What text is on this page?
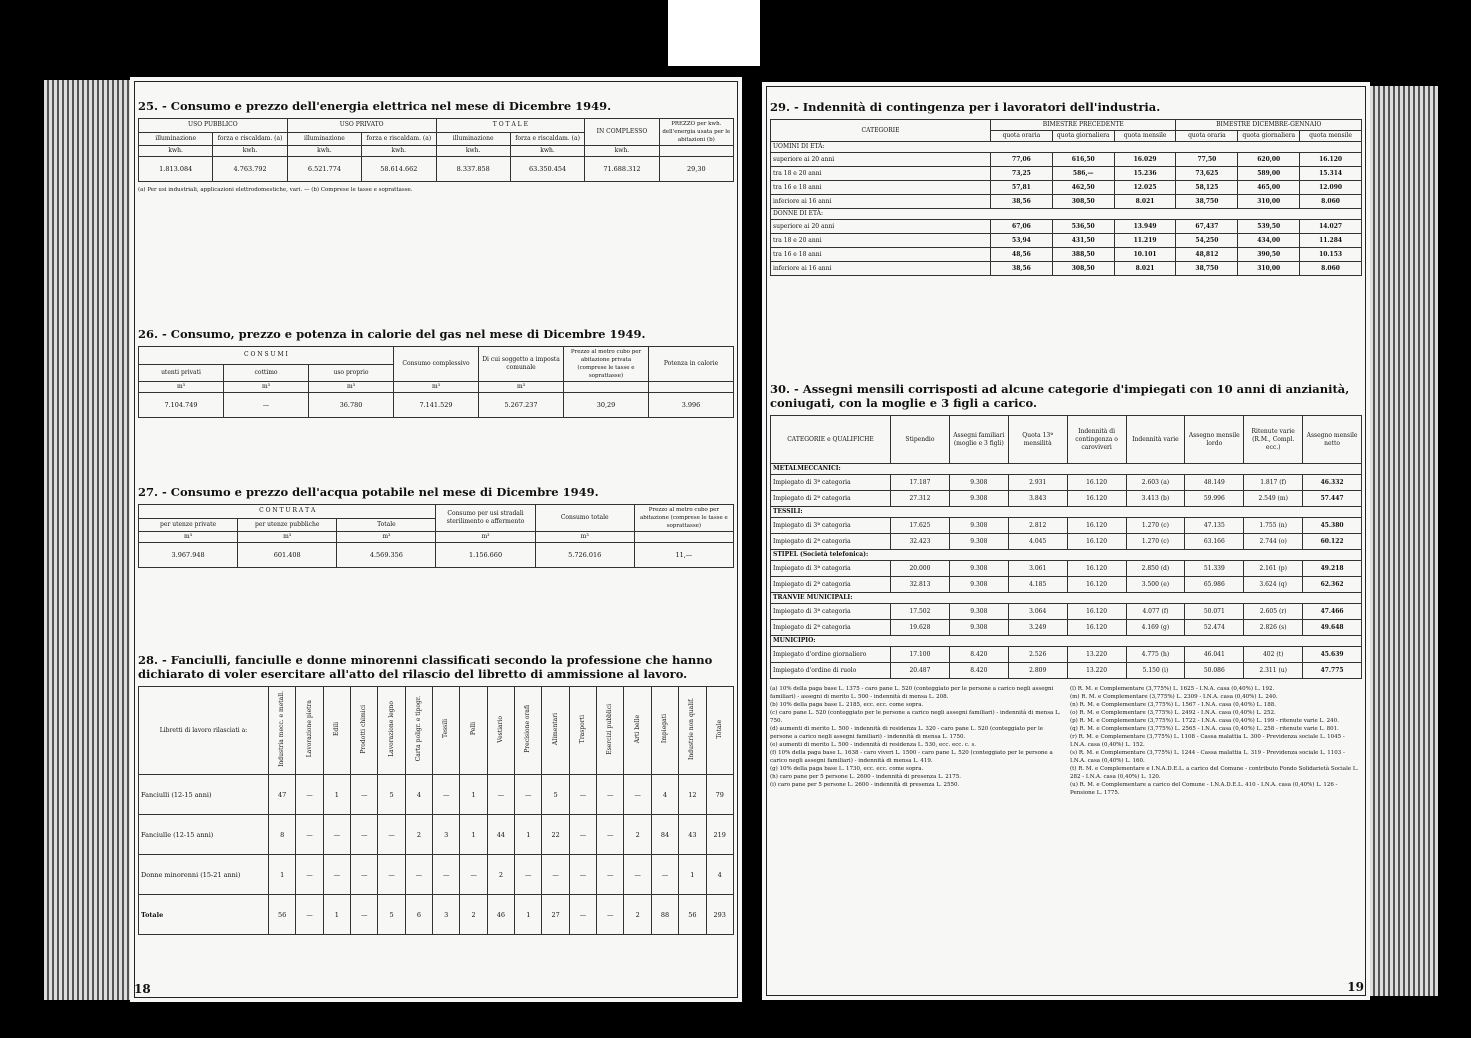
25. - Consumo e prezzo dell'energia elettrica nel mese di Dicembre 1949.
USO PUBBLICO		USO PRIVATO		T O T A L E		IN COMPLESSO	PREZZO per kwh. dell'energia usata per le abitazioni (b)
illuminazione	forza e riscaldam. (a)	illuminazione	forza e riscaldam. (a)	illuminazione	forza e riscaldam. (a)		
kwh.	kwh.	kwh.	kwh.	kwh.	kwh.	kwh.	
1.813.084	4.763.792	6.521.774	58.614.662	8.337.858	63.350.454	71.688.312	29,30
(a) Per usi industriali, applicazioni elettrodomestiche, vari. — (b) Comprese le tasse e soprattasse.
26. - Consumo, prezzo e potenza in calorie del gas nel mese di Dicembre 1949.
C O N S U M I			Consumo complessivo	Di cui soggetto a imposta comunale	Prezzo al metro cubo per abitazione privata (comprese le tasse e soprattasse)	Potenza in calorie
utenti privati	cottimo	uso proprio				
m³	m³	m³	m³	m³		
7.104.749	—	36.780	7.141.529	5.267.237	30,29	3.996
27. - Consumo e prezzo dell'acqua potabile nel mese di Dicembre 1949.
C O N T U R A T A			Consumo per usi stradali sterilimento e affermento	Consumo totale	Prezzo al metro cubo per abitazione (comprese le tasse e soprattasse)
per utenze private	per utenze pubbliche	Totale			
m³	m³	m³	m³	m³	
3.967.948	601.408	4.569.356	1.156.660	5.726.016	11,—
28. - Fanciulli, fanciulle e donne minorenni classificati secondo la professione che hanno dichiarato di voler esercitare all'atto del rilascio del libretto di ammissione al lavoro.
Libretti di lavoro rilasciati a:	Industria mecc. e metall.	Lavorazione pietra	Edili	Prodotti chimici	Lavorazione legno	Carta poligr. e tipogr.	Tessili	Pelli	Vestiario	Precisione orafi	Alimentari	Trasporti	Esercizi pubblici	Arti belle	Impiegati	Industrie non qualif.	Totale
Fanciulli (12-15 anni)	47	—	1	—	5	4	—	1	—	—	5	—	—	—	4	12	79
Fanciulle (12-15 anni)	8	—	—	—	—	2	3	1	44	1	22	—	—	2	84	43	219
Donne minorenni (15-21 anni)	1	—	—	—	—	—	—	—	2	—	—	—	—	—	—	1	4
Totale	56	—	1	—	5	6	3	2	46	1	27	—	—	2	88	56	293
18
29. - Indennità di contingenza per i lavoratori dell'industria.
CATEGORIE	BIMESTRE PRECEDENTE			BIMESTRE DICEMBRE-GENNAIO		
	quota oraria	quota giornaliera	quota mensile	quota oraria	quota giornaliera	quota mensile
UOMINI DI ETÀ:						
superiore ai 20 anni	77,06	616,50	16.029	77,50	620,00	16.120
tra 18 e 20 anni	73,25	586,—	15.236	73,625	589,00	15.314
tra 16 e 18 anni	57,81	462,50	12.025	58,125	465,00	12.090
inferiore ai 16 anni	38,56	308,50	8.021	38,750	310,00	8.060
DONNE DI ETÀ:						
superiore ai 20 anni	67,06	536,50	13.949	67,437	539,50	14.027
tra 18 e 20 anni	53,94	431,50	11.219	54,250	434,00	11.284
tra 16 e 18 anni	48,56	388,50	10.101	48,812	390,50	10.153
inferiore ai 16 anni	38,56	308,50	8.021	38,750	310,00	8.060
30. - Assegni mensili corrisposti ad alcune categorie d'impiegati con 10 anni di anzianità, coniugati, con la moglie e 3 figli a carico.
CATEGORIE e QUALIFICHE	Stipendio	Assegni familiari (moglie e 3 figli)	Quota 13ª mensilità	Indennità di contingenza o caroviveri	Indennità varie	Assegno mensile lordo	Ritenute varie (R.M., Compl. ecc.)	Assegno mensile netto
METALMECCANICI:								
Impiegato di 3ª categoria	17.187	9.308	2.931	16.120	2.603 (a)	48.149	1.817 (f)	46.332
Impiegato di 2ª categoria	27.312	9.308	3.843	16.120	3.413 (b)	59.996	2.549 (m)	57.447
TESSILI:								
Impiegato di 3ª categoria	17.625	9.308	2.812	16.120	1.270 (c)	47.135	1.755 (n)	45.380
Impiegato di 2ª categoria	32.423	9.308	4.045	16.120	1.270 (c)	63.166	2.744 (o)	60.122
STIPEL (Società telefonica):								
Impiegato di 3ª categoria	20.000	9.308	3.061	16.120	2.850 (d)	51.339	2.161 (p)	49.218
Impiegato di 2ª categoria	32.813	9.308	4.185	16.120	3.500 (e)	65.986	3.624 (q)	62.362
TRANVIE MUNICIPALI:								
Impiegato di 3ª categoria	17.502	9.308	3.064	16.120	4.077 (f)	50.071	2.605 (r)	47.466
Impiegato di 2ª categoria	19.628	9.308	3.249	16.120	4.169 (g)	52.474	2.826 (s)	49.648
MUNICIPIO:								
Impiegato d'ordine giornaliero	17.100	8.420	2.526	13.220	4.775 (h)	46.041	402 (t)	45.639
Impiegato d'ordine di ruolo	20.487	8.420	2.809	13.220	5.150 (i)	50.086	2.311 (u)	47.775
(a) 10% della paga base L. 1375 - caro pane L. 520 (conteggiato per le persone a carico negli assegni familiari) - assegni di merito L. 500 - indennità di mensa L. 208.
(b) 10% della paga base L. 2185, ecc. ecc. come sopra.
(c) caro pane L. 520 (conteggiato per le persone a carico negli assegni familiari) - indennità di mensa L. 750.
(d) aumenti di merito L. 500 - indennità di residenza L. 320 - caro pane L. 520 (conteggiato per le persone a carico negli assegni familiari) - indennità di mensa L. 1750.
(e) aumenti di merito L. 500 - indennità di residenza L. 530, ecc. ecc. c. s.
(f) 10% della paga base L. 1638 - caro viveri L. 1500 - caro pane L. 520 (conteggiato per le persone a carico negli assegni familiari) - indennità di mensa L. 419.
(g) 10% della paga base L. 1730, ecc. ecc. come sopra.
(h) caro pane per 5 persone L. 2600 - indennità di presenza L. 2175.
(i) caro pane per 5 persone L. 2600 - indennità di presenza L. 2550.
(l) R. M. e Complementare (3,775%) L. 1625 - I.N.A. casa (0,40%) L. 192.
(m) R. M. e Complementare (3,775%) L. 2309 - I.N.A. casa (0,40%) L. 240.
(n) R. M. e Complementare (3,775%) L. 1567 - I.N.A. casa (0,40%) L. 188.
(o) R. M. e Complementare (3,775%) L. 2492 - I.N.A. casa (0,40%) L. 252.
(p) R. M. e Complementare (3,775%) L. 1722 - I.N.A. casa (0,40%) L. 199 - ritenute varie L. 240.
(q) R. M. e Complementare (3,775%) L. 2565 - I.N.A. casa (0,40%) L. 258 - ritenute varie L. 801.
(r) R. M. e Complementare (3,775%) L. 1108 - Cassa malattia L. 300 - Previdenza sociale L. 1045 - I.N.A. casa (0,40%) L. 152.
(s) R. M. e Complementare (3,775%) L. 1244 - Cassa malattia L. 319 - Previdenza sociale L. 1103 - I.N.A. casa (0,40%) L. 160.
(t) R. M. e Complementare e I.N.A.D.E.L. a carico del Comune - contributo Fondo Solidarietà Sociale L. 282 - I.N.A. casa (0,40%) L. 120.
(u) R. M. e Complementare a carico del Comune - I.N.A.D.E.L. 410 - I.N.A. casa (0,40%) L. 126 - Pensione L. 1775.
19
